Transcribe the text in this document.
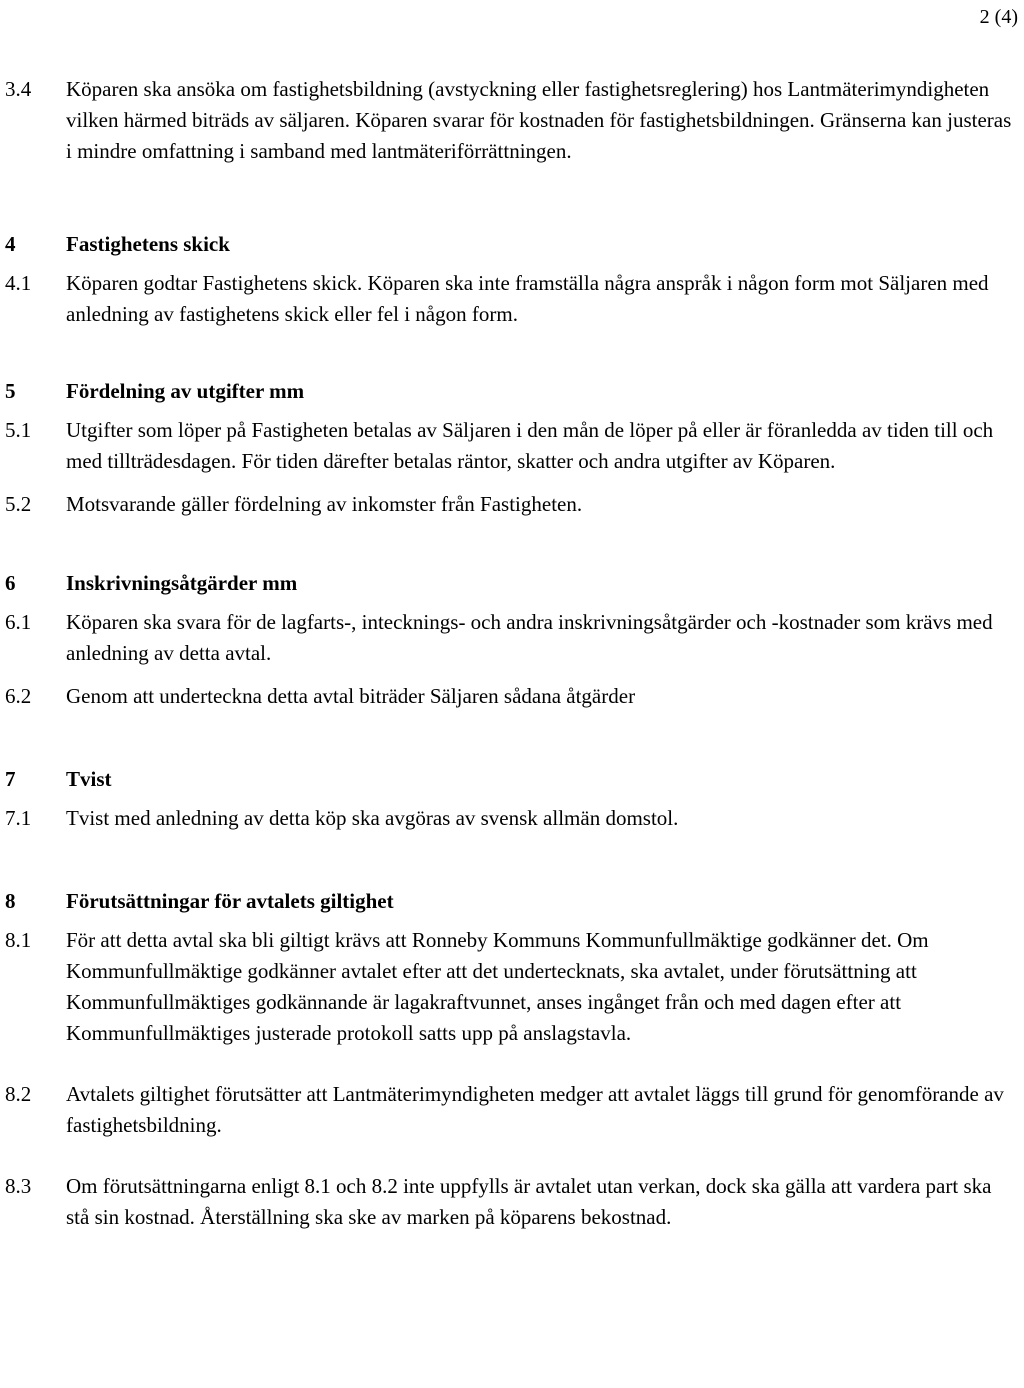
2 (4)
3.4	Köparen ska ansöka om fastighetsbildning (avstyckning eller fastighetsreglering) hos Lantmäterimyndigheten vilken härmed biträds av säljaren. Köparen svarar för kostnaden för fastighetsbildningen. Gränserna kan justeras i mindre omfattning i samband med lantmäteriförrättningen.
4	Fastighetens skick
4.1	Köparen godtar Fastighetens skick. Köparen ska inte framställa några anspråk i någon form mot Säljaren med anledning av fastighetens skick eller fel i någon form.
5	Fördelning av utgifter mm
5.1	Utgifter som löper på Fastigheten betalas av Säljaren i den mån de löper på eller är föranledda av tiden till och med tillträdesdagen. För tiden därefter betalas räntor, skatter och andra utgifter av Köparen.
5.2	Motsvarande gäller fördelning av inkomster från Fastigheten.
6	Inskrivningsåtgärder mm
6.1	Köparen ska svara för de lagfarts-, intecknings- och andra inskrivningsåtgärder och -kostnader som krävs med anledning av detta avtal.
6.2	Genom att underteckna detta avtal biträder Säljaren sådana åtgärder
7	Tvist
7.1	Tvist med anledning av detta köp ska avgöras av svensk allmän domstol.
8	Förutsättningar för avtalets giltighet
8.1	För att detta avtal ska bli giltigt krävs att Ronneby Kommuns Kommunfullmäktige godkänner det. Om Kommunfullmäktige godkänner avtalet efter att det undertecknats, ska avtalet, under förutsättning att Kommunfullmäktiges godkännande är lagakraftvunnet, anses ingånget från och med dagen efter att Kommunfullmäktiges justerade protokoll satts upp på anslagstavla.
8.2	Avtalets giltighet förutsätter att Lantmäterimyndigheten medger att avtalet läggs till grund för genomförande av fastighetsbildning.
8.3	Om förutsättningarna enligt 8.1 och 8.2 inte uppfylls är avtalet utan verkan, dock ska gälla att vardera part ska stå sin kostnad. Återställning ska ske av marken på köparens bekostnad.
